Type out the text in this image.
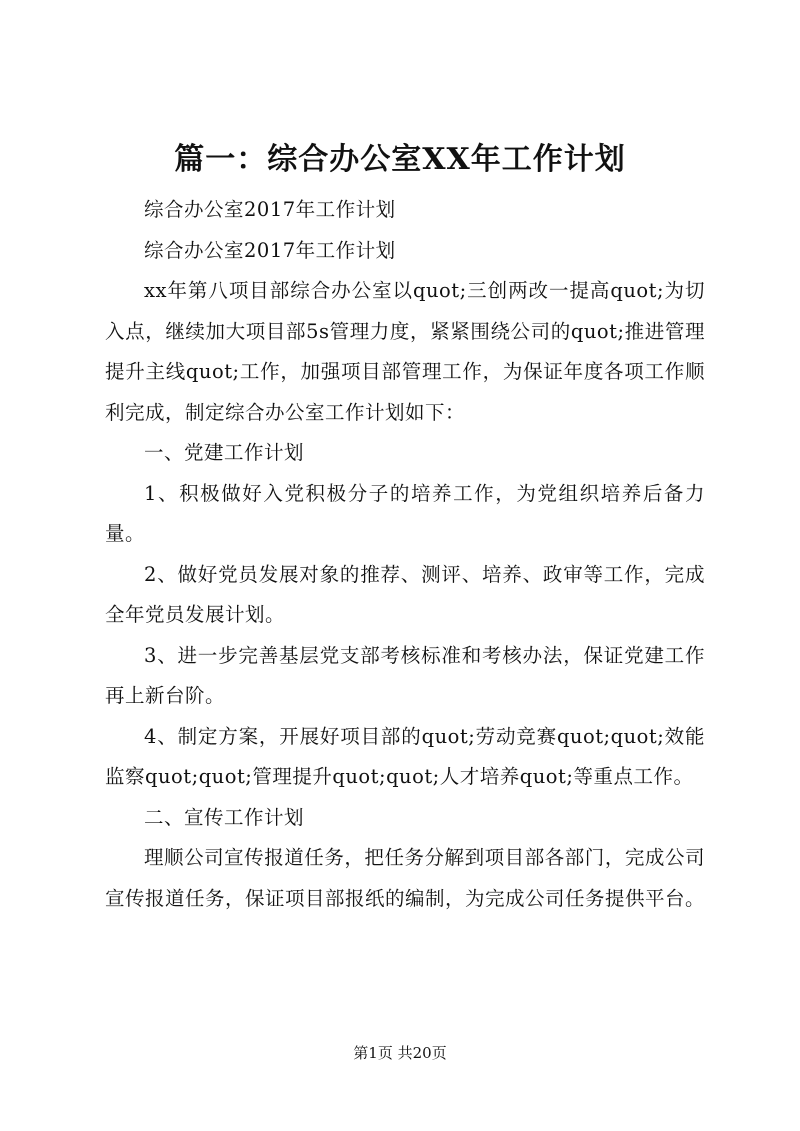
篇一：综合办公室XX年工作计划

综合办公室2017年工作计划

综合办公室2017年工作计划

xx年第八项目部综合办公室以quot;三创两改一提高quot;为切入点，继续加大项目部5s管理力度，紧紧围绕公司的quot;推进管理提升主线quot;工作，加强项目部管理工作，为保证年度各项工作顺利完成，制定综合办公室工作计划如下：

一、党建工作计划

1、积极做好入党积极分子的培养工作，为党组织培养后备力量。

2、做好党员发展对象的推荐、测评、培养、政审等工作，完成全年党员发展计划。

3、进一步完善基层党支部考核标准和考核办法，保证党建工作再上新台阶。

4、制定方案，开展好项目部的quot;劳动竞赛quot;quot;效能监察quot;quot;管理提升quot;quot;人才培养quot;等重点工作。

二、宣传工作计划

理顺公司宣传报道任务，把任务分解到项目部各部门，完成公司宣传报道任务，保证项目部报纸的编制，为完成公司任务提供平台。

第1页 共20页
